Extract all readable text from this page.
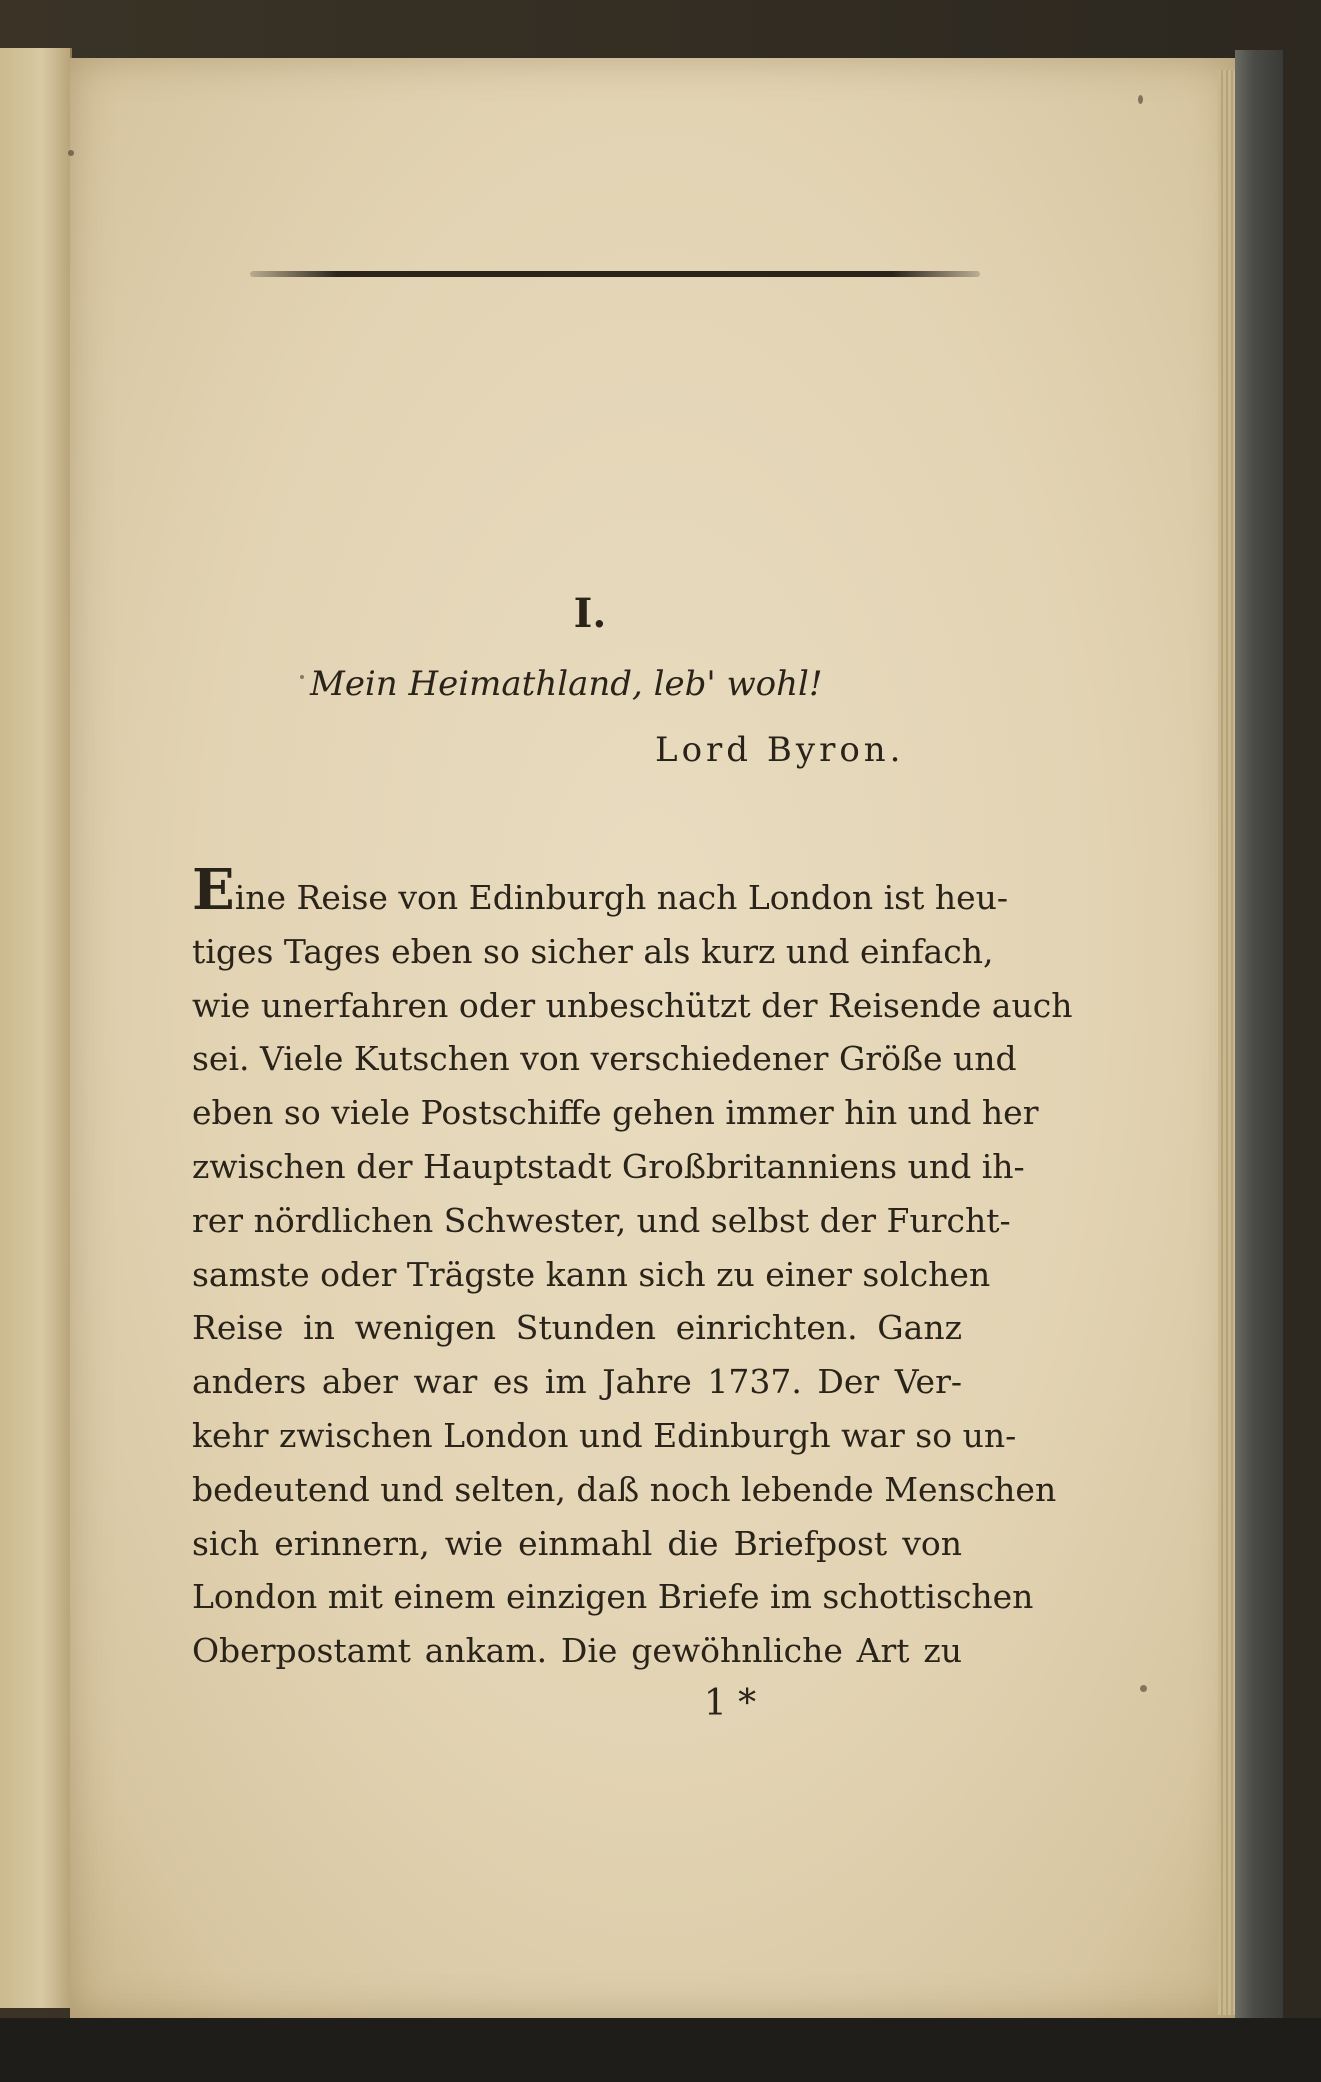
I.
Mein Heimathland, leb' wohl!
Lord Byron.
Eine Reise von Edinburgh nach London ist heu-
tiges Tages eben so sicher als kurz und einfach,
wie unerfahren oder unbeschützt der Reisende auch
sei. Viele Kutschen von verschiedener Größe und
eben so viele Postschiffe gehen immer hin und her
zwischen der Hauptstadt Großbritanniens und ih-
rer nördlichen Schwester, und selbst der Furcht-
samste oder Trägste kann sich zu einer solchen
Reise in wenigen Stunden einrichten. Ganz
anders aber war es im Jahre 1737. Der Ver-
kehr zwischen London und Edinburgh war so un-
bedeutend und selten, daß noch lebende Menschen
sich erinnern, wie einmahl die Briefpost von
London mit einem einzigen Briefe im schottischen
Oberpostamt ankam. Die gewöhnliche Art zu
1 *
